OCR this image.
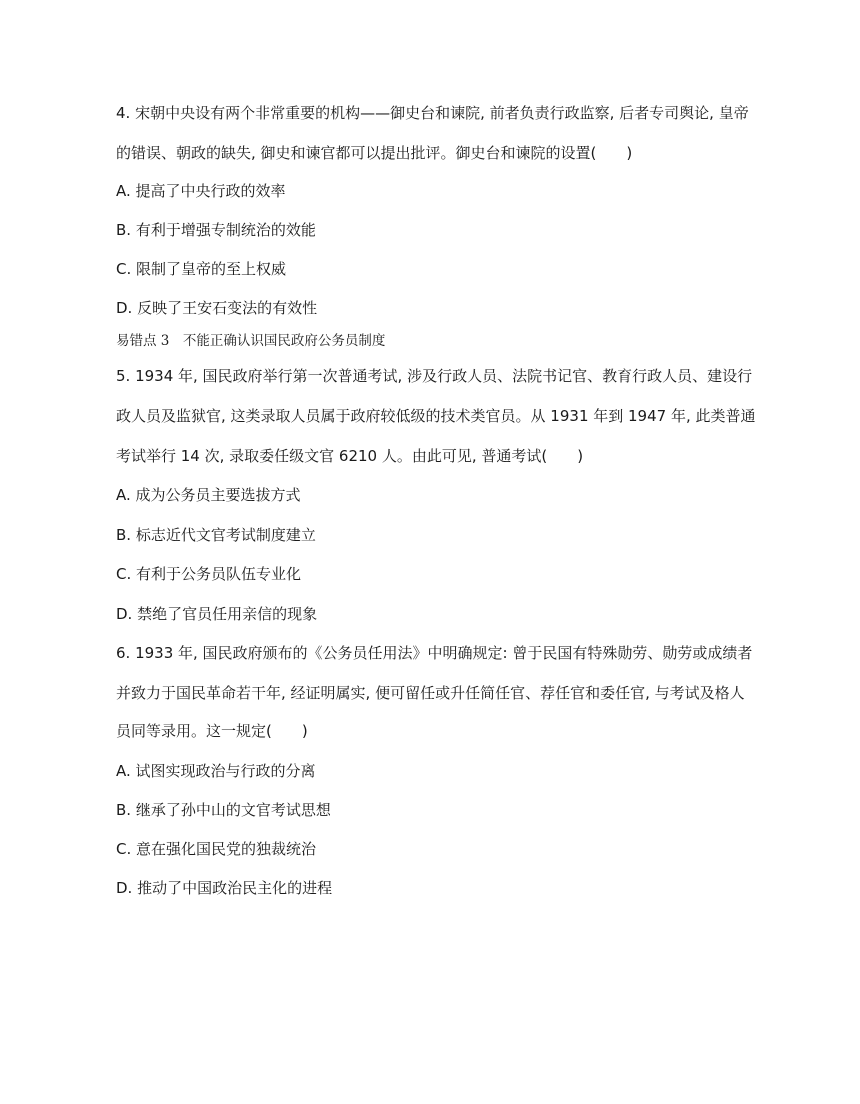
4. 宋朝中央设有两个非常重要的机构——御史台和谏院, 前者负责行政监察, 后者专司舆论, 皇帝
的错误、朝政的缺失, 御史和谏官都可以提出批评。御史台和谏院的设置(　　)
A. 提高了中央行政的效率
B. 有利于增强专制统治的效能
C. 限制了皇帝的至上权威
D. 反映了王安石变法的有效性
易错点 3　不能正确认识国民政府公务员制度
5. 1934 年, 国民政府举行第一次普通考试, 涉及行政人员、法院书记官、教育行政人员、建设行
政人员及监狱官, 这类录取人员属于政府较低级的技术类官员。从 1931 年到 1947 年, 此类普通
考试举行 14 次, 录取委任级文官 6210 人。由此可见, 普通考试(　　)
A. 成为公务员主要选拔方式
B. 标志近代文官考试制度建立
C. 有利于公务员队伍专业化
D. 禁绝了官员任用亲信的现象
6. 1933 年, 国民政府颁布的《公务员任用法》中明确规定: 曾于民国有特殊勋劳、勋劳或成绩者
并致力于国民革命若干年, 经证明属实, 便可留任或升任简任官、荐任官和委任官, 与考试及格人
员同等录用。这一规定(　　)
A. 试图实现政治与行政的分离
B. 继承了孙中山的文官考试思想
C. 意在强化国民党的独裁统治
D. 推动了中国政治民主化的进程
